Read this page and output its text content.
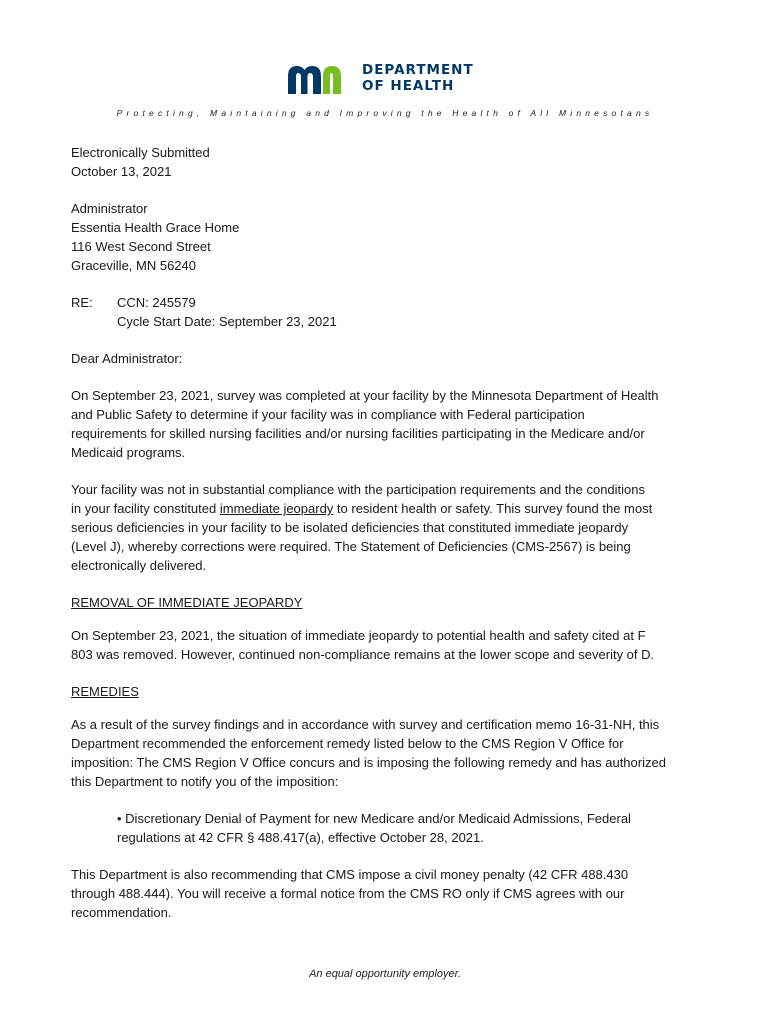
DEPARTMENT
OF HEALTH
Protecting, Maintaining and Improving the Health of All Minnesotans
Electronically Submitted
October 13, 2021
Administrator
Essentia Health Grace Home
116 West Second Street
Graceville, MN 56240
RE:	CCN: 245579
Cycle Start Date: September 23, 2021
Dear Administrator:
On September 23, 2021, survey was completed at your facility by the Minnesota Department of Health
and Public Safety to determine if your facility was in compliance with Federal participation
requirements for skilled nursing facilities and/or nursing facilities participating in the Medicare and/or
Medicaid programs.
Your facility was not in substantial compliance with the participation requirements and the conditions
in your facility constituted immediate jeopardy to resident health or safety. This survey found the most
serious deficiencies in your facility to be isolated deficiencies that constituted immediate jeopardy
(Level J), whereby corrections were required. The Statement of Deficiencies (CMS-2567) is being
electronically delivered.
REMOVAL OF IMMEDIATE JEOPARDY
On September 23, 2021, the situation of immediate jeopardy to potential health and safety cited at F
803 was removed. However, continued non-compliance remains at the lower scope and severity of D.
REMEDIES
As a result of the survey findings and in accordance with survey and certification memo 16-31-NH, this
Department recommended the enforcement remedy listed below to the CMS Region V Office for
imposition: The CMS Region V Office concurs and is imposing the following remedy and has authorized
this Department to notify you of the imposition:
• Discretionary Denial of Payment for new Medicare and/or Medicaid Admissions, Federal
regulations at 42 CFR § 488.417(a), effective October 28, 2021.
This Department is also recommending that CMS impose a civil money penalty (42 CFR 488.430
through 488.444). You will receive a formal notice from the CMS RO only if CMS agrees with our
recommendation.
An equal opportunity employer.
